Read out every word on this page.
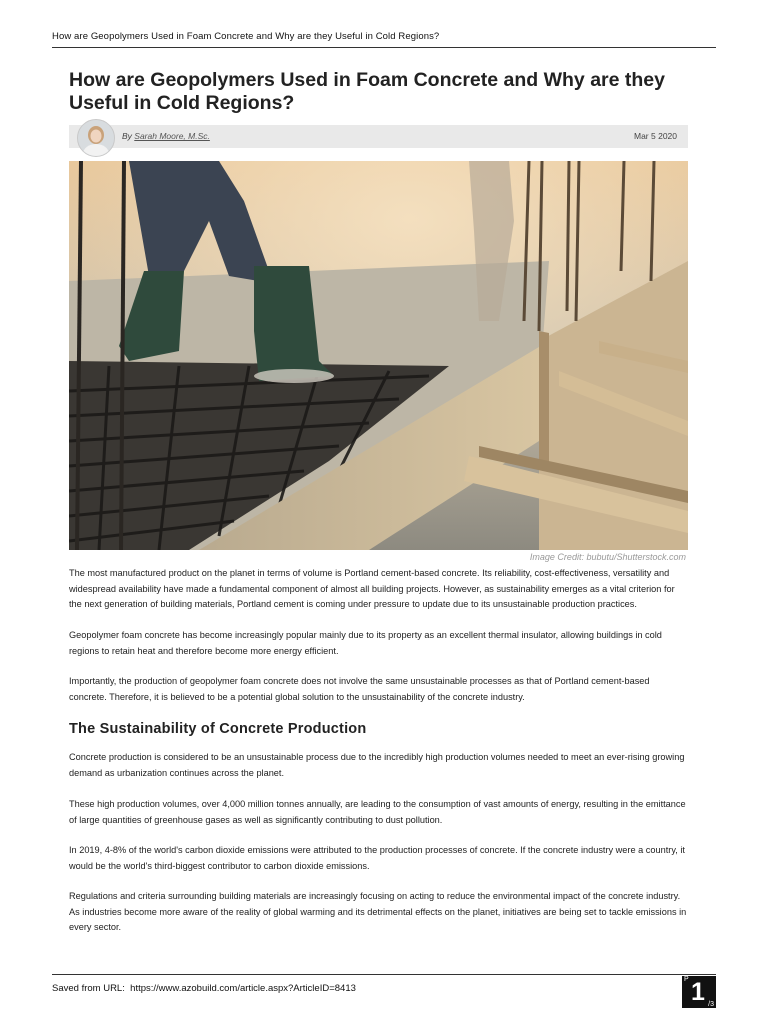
How are Geopolymers Used in Foam Concrete and Why are they Useful in Cold Regions?
How are Geopolymers Used in Foam Concrete and Why are they Useful in Cold Regions?
By Sarah Moore, M.Sc.	Mar 5 2020
Image Credit: bubutu/Shutterstock.com

The most manufactured product on the planet in terms of volume is Portland cement-based concrete. Its reliability, cost-effectiveness, versatility and widespread availability have made a fundamental component of almost all building projects. However, as sustainability emerges as a vital criterion for the next generation of building materials, Portland cement is coming under pressure to update due to its unsustainable production practices.

Geopolymer foam concrete has become increasingly popular mainly due to its property as an excellent thermal insulator, allowing buildings in cold regions to retain heat and therefore become more energy efficient.

Importantly, the production of geopolymer foam concrete does not involve the same unsustainable processes as that of Portland cement-based concrete. Therefore, it is believed to be a potential global solution to the unsustainability of the concrete industry.

The Sustainability of Concrete Production

Concrete production is considered to be an unsustainable process due to the incredibly high production volumes needed to meet an ever-rising growing demand as urbanization continues across the planet.

These high production volumes, over 4,000 million tonnes annually, are leading to the consumption of vast amounts of energy, resulting in the emittance of large quantities of greenhouse gases as well as significantly contributing to dust pollution.

In 2019, 4-8% of the world's carbon dioxide emissions were attributed to the production processes of concrete. If the concrete industry were a country, it would be the world's third-biggest contributor to carbon dioxide emissions.

Regulations and criteria surrounding building materials are increasingly focusing on acting to reduce the environmental impact of the concrete industry. As industries become more aware of the reality of global warming and its detrimental effects on the planet, initiatives are being set to tackle emissions in every sector.

Saved from URL: https://www.azobuild.com/article.aspx?ArticleID=8413
P 1 /3
